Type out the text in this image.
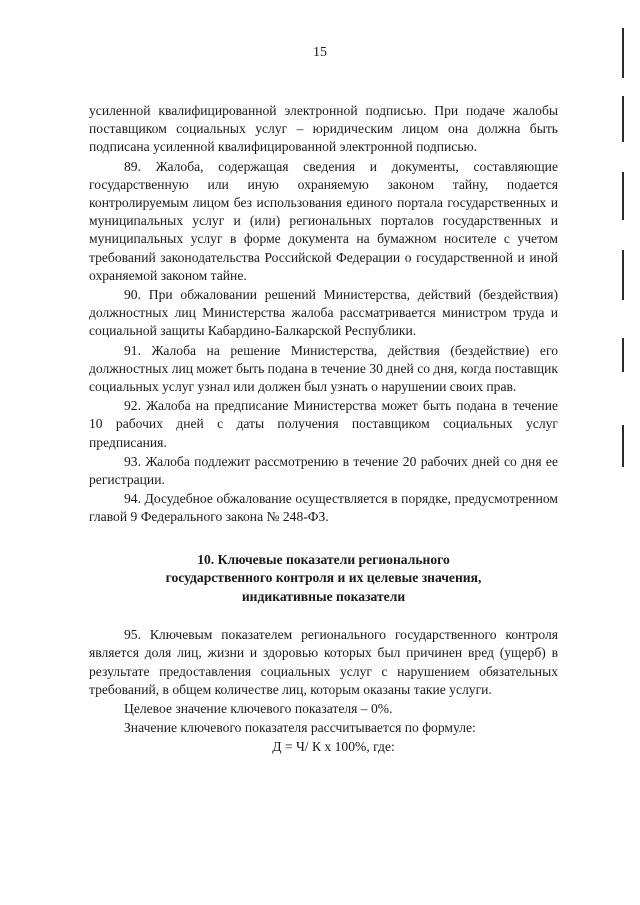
15

усиленной квалифицированной электронной подписью. При подаче жалобы поставщиком социальных услуг – юридическим лицом она должна быть подписана усиленной квалифицированной электронной подписью.

89. Жалоба, содержащая сведения и документы, составляющие государственную или иную охраняемую законом тайну, подается контролируемым лицом без использования единого портала государственных и муниципальных услуг и (или) региональных порталов государственных и муниципальных услуг в форме документа на бумажном носителе с учетом требований законодательства Российской Федерации о государственной и иной охраняемой законом тайне.

90. При обжаловании решений Министерства, действий (бездействия) должностных лиц Министерства жалоба рассматривается министром труда и социальной защиты Кабардино-Балкарской Республики.

91. Жалоба на решение Министерства, действия (бездействие) его должностных лиц может быть подана в течение 30 дней со дня, когда поставщик социальных услуг узнал или должен был узнать о нарушении своих прав.

92. Жалоба на предписание Министерства может быть подана в течение 10 рабочих дней с даты получения поставщиком социальных услуг предписания.

93. Жалоба подлежит рассмотрению в течение 20 рабочих дней со дня ее регистрации.

94. Досудебное обжалование осуществляется в порядке, предусмотренном главой 9 Федерального закона № 248-ФЗ.

10. Ключевые показатели регионального
государственного контроля и их целевые значения,
индикативные показатели

95. Ключевым показателем регионального государственного контроля является доля лиц, жизни и здоровью которых был причинен вред (ущерб) в результате предоставления социальных услуг с нарушением обязательных требований, в общем количестве лиц, которым оказаны такие услуги.

Целевое значение ключевого показателя – 0%.

Значение ключевого показателя рассчитывается по формуле:

Д = Ч/ К х 100%, где:
